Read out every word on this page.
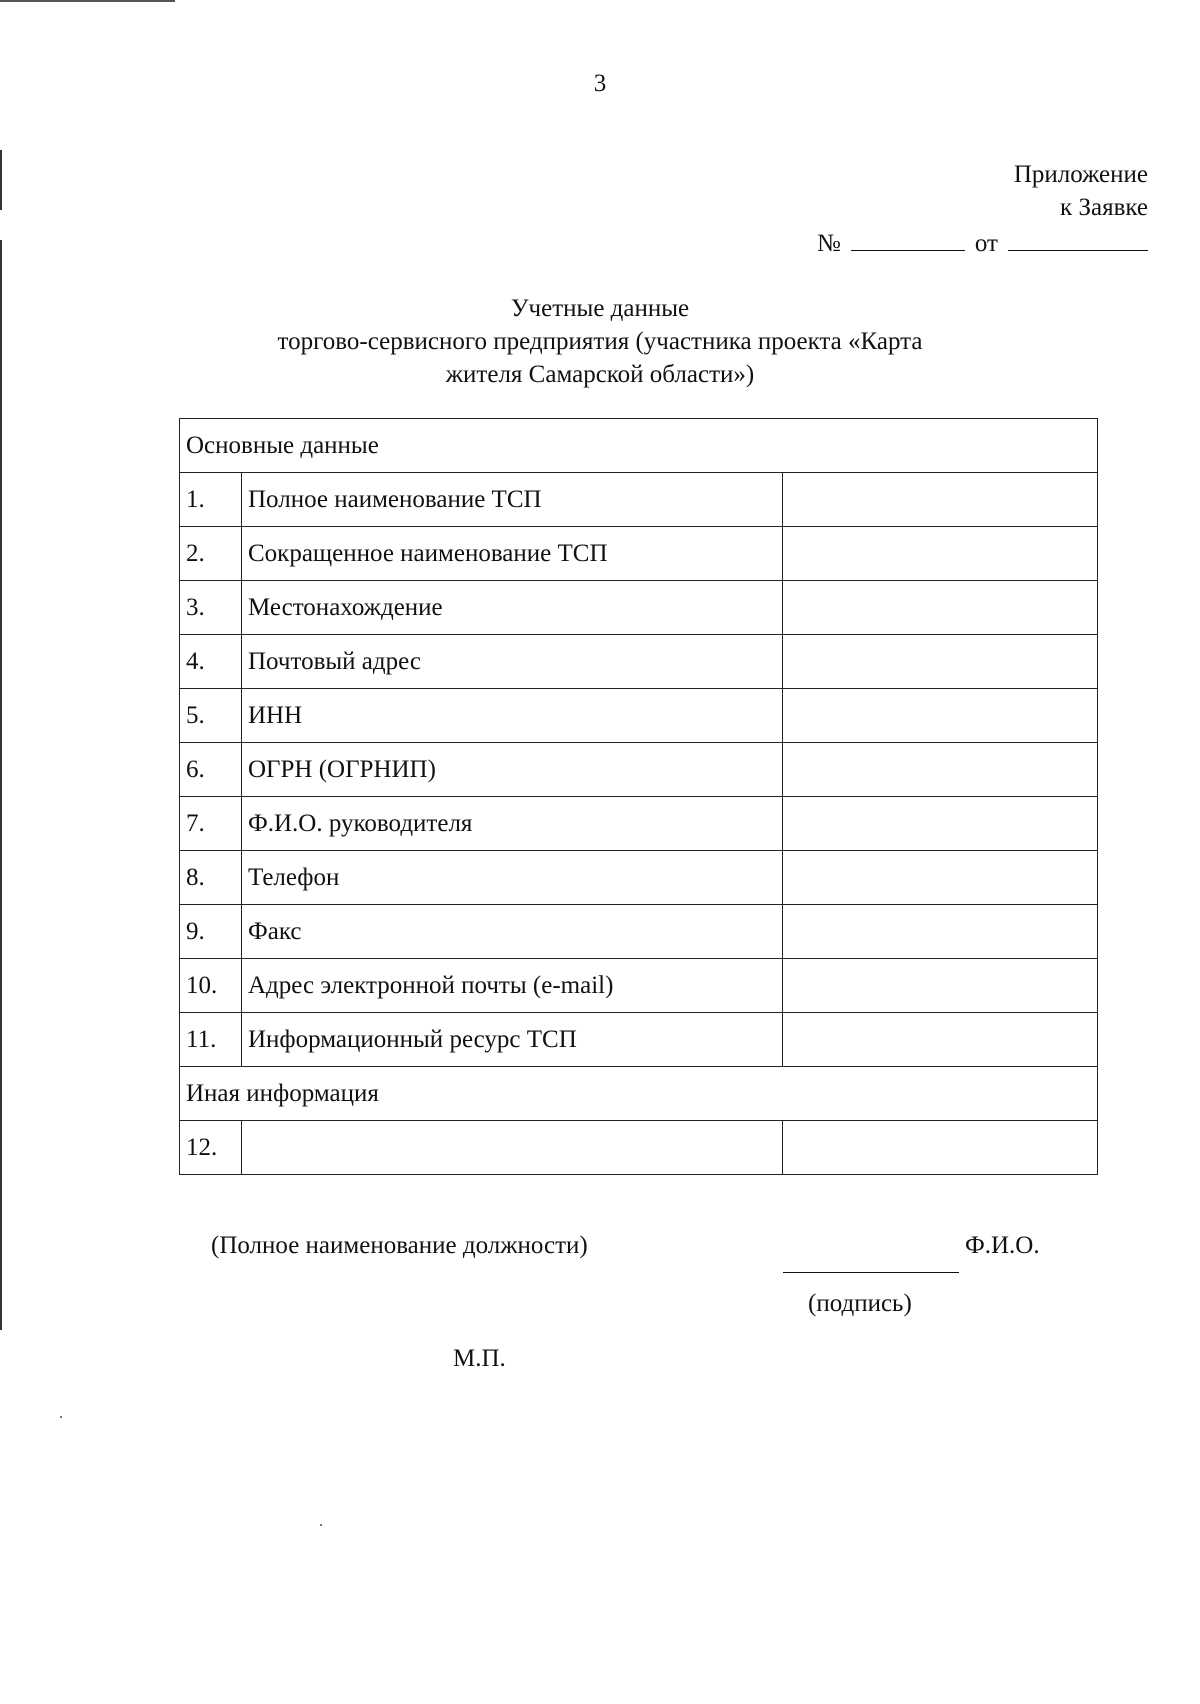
3
Приложение
к Заявке
№	от
Учетные данные
торгово-сервисного предприятия (участника проекта «Карта
жителя Самарской области»)
Основные данные		
1.	Полное наименование ТСП	
2.	Сокращенное наименование ТСП	
3.	Местонахождение	
4.	Почтовый адрес	
5.	ИНН	
6.	ОГРН (ОГРНИП)	
7.	Ф.И.О. руководителя	
8.	Телефон	
9.	Факс	
10.	Адрес электронной почты (e-mail)	
11.	Информационный ресурс ТСП	
Иная информация		
12.		
(Полное наименование должности)	Ф.И.О.
(подпись)
М.П.
